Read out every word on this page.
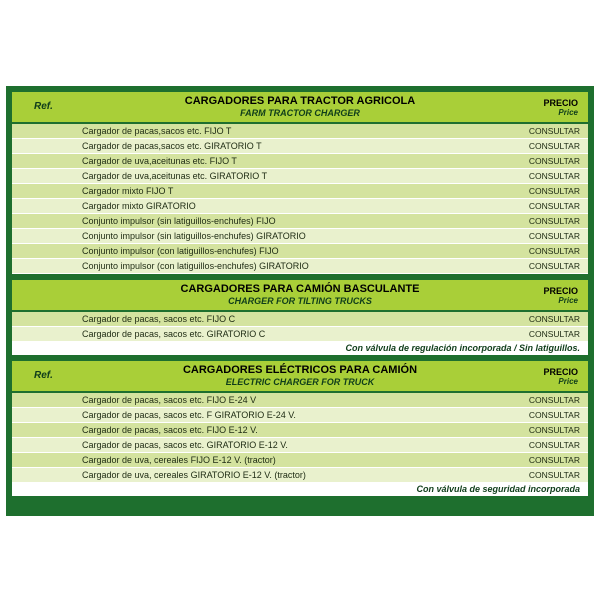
Ref.	CARGADORES PARA TRACTOR AGRICOLA
FARM TRACTOR CHARGER
PRECIO
Price
Cargador de pacas,sacos etc. FIJO T	CONSULTAR
Cargador de pacas,sacos etc. GIRATORIO T	CONSULTAR
Cargador de uva,aceitunas etc. FIJO T	CONSULTAR
Cargador de uva,aceitunas etc. GIRATORIO T	CONSULTAR
Cargador mixto FIJO T	CONSULTAR
Cargador mixto GIRATORIO	CONSULTAR
Conjunto impulsor (sin latiguillos-enchufes) FIJO	CONSULTAR
Conjunto impulsor (sin latiguillos-enchufes) GIRATORIO	CONSULTAR
Conjunto impulsor (con latiguillos-enchufes) FIJO	CONSULTAR
Conjunto impulsor (con latiguillos-enchufes) GIRATORIO	CONSULTAR
CARGADORES PARA CAMIÓN BASCULANTE
CHARGER FOR TILTING TRUCKS
PRECIO
Price
Cargador de pacas, sacos etc. FIJO C	CONSULTAR
Cargador de pacas, sacos etc. GIRATORIO C	CONSULTAR
Con válvula de regulación incorporada / Sin latiguillos.
Ref.	CARGADORES ELÉCTRICOS PARA CAMIÓN
ELECTRIC CHARGER FOR TRUCK
PRECIO
Price
Cargador de pacas, sacos etc. FIJO E-24 V	CONSULTAR
Cargador de pacas, sacos etc. F GIRATORIO E-24 V.	CONSULTAR
Cargador de pacas, sacos etc. FIJO E-12 V.	CONSULTAR
Cargador de pacas, sacos etc. GIRATORIO E-12 V.	CONSULTAR
Cargador de uva, cereales FIJO E-12 V. (tractor)	CONSULTAR
Cargador de uva, cereales GIRATORIO E-12 V. (tractor)	CONSULTAR
Con válvula de seguridad incorporada
